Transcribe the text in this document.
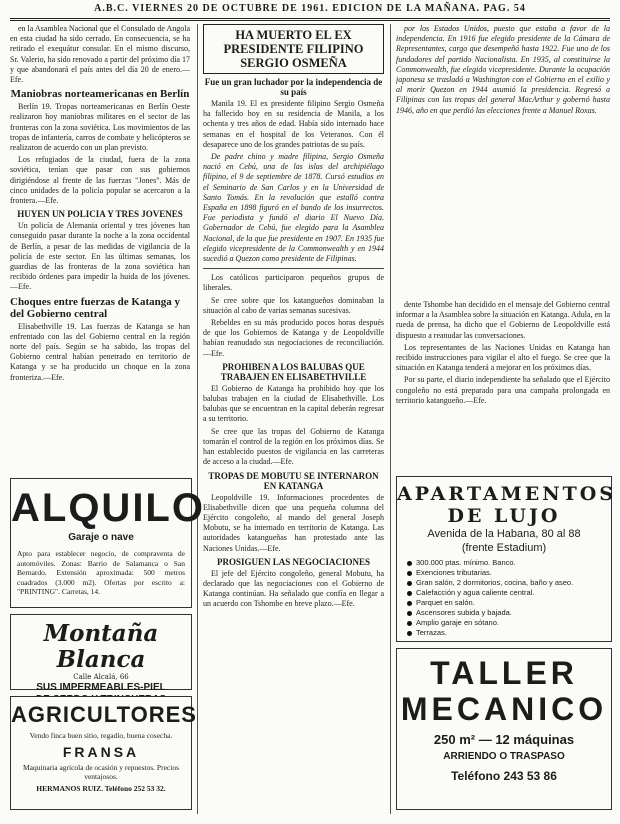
A.B.C. VIERNES 20 DE OCTUBRE DE 1961. EDICION DE LA MAÑANA. PAG. 54

en la Asamblea Nacional que el Consulado de Angola en esta ciudad ha sido cerrado. En consecuencia, se ha retirado el exequátur consular. En el mismo discurso, Sr. Valerio, ha sido renovado a partir del próximo día 17 y que abandonará el país antes del día 20 de enero.—Efe.

Maniobras norteamericanas en Berlín

Berlín 19. Tropas norteamericanas en Berlín Oeste realizaron hoy maniobras militares en el sector de las fronteras con la zona soviética. Los movimientos de las tropas de infantería, carros de combate y helicópteros se realizaron de acuerdo con un plan previsto.

Los refugiados de la ciudad, fuera de la zona soviética, tenían que pasar con sus gobiernos dirigiéndose al frente de las fuerzas "Jones". Más de cinco unidades de la policía popular se acercaron a la frontera.—Efe.

HUYEN UN POLICIA Y TRES JOVENES

Un policía de Alemania oriental y tres jóvenes han conseguido pasar durante la noche a la zona occidental de Berlín, a pesar de las medidas de vigilancia de la policía de este sector. En las últimas semanas, los guardias de las fronteras de la zona soviética han recibido órdenes para impedir la huida de los jóvenes.—Efe.

Choques entre fuerzas de Katanga y del Gobierno central

Elisabethville 19. Las fuerzas de Katanga se han enfrentado con las del Gobierno central en la región norte del país. Según se ha sabido, las tropas del Gobierno central habían penetrado en territorio de Katanga y se ha producido un choque en la zona fronteriza.—Efe.

ALQUILO
Garaje o nave
Apto para establecer negocio, de compraventa de automóviles. Zonas: Barrio de Salamanca o San Bernardo. Extensión aproximada: 500 metros cuadrados (3.000 m2). Ofertas por escrito a: "PRINTING". Carretas, 14.
Montaña Blanca
Calle Alcalá, 66
SUS IMPERMEABLES-PIEL
AGRICULTORES
Vendo finca buen sitio, regadío, buena cosecha.
FRANSA
Maquinaria agrícola de ocasión y repuestos. Precios ventajosos.
HERMANOS RUIZ. Teléfono 252 53 32.
HA MUERTO EL EX PRESIDENTE FILIPINO SERGIO OSMEÑA
Fue un gran luchador por la independencia de su país

Manila 19. El ex presidente filipino Sergio Osmeña ha fallecido hoy en su residencia de Manila, a los ochenta y tres años de edad. Había sido internado hace semanas en el hospital de los Veteranos. Con él desaparece uno de los grandes patriotas de su país.

De padre chino y madre filipina, Sergio Osmeña nació en Cebú, una de las islas del archipiélago filipino, el 9 de septiembre de 1878. Cursó estudios en el Seminario de San Carlos y en la Universidad de Santo Tomás. En la revolución que estalló contra España en 1898 figuró en el bando de los insurrectos. Fue periodista y fundó el diario El Nuevo Día. Gobernador de Cebú, fue elegido para la Asamblea Nacional, de la que fue presidente en 1907. En 1935 fue elegido vicepresidente de la Commonwealth y en 1944 sucedió a Quezon como presidente de Filipinas.

Los católicos participaron pequeños grupos de liberales.

Se cree sobre que los katangueños dominaban la situación al cabo de varias semanas sucesivas.

Rebeldes en su más producido pocos horas después de que los Gobiernos de Katanga y de Leopoldville habían reanudado sus negociaciones de reconciliación.—Efe.

PROHIBEN A LOS BALUBAS QUE TRABAJEN EN ELISABETHVILLE

El Gobierno de Katanga ha prohibido hoy que los balubas trabajen en la ciudad de Elisabethville. Los balubas que se encuentran en la capital deberán regresar a su territorio.

Se cree que las tropas del Gobierno de Katanga tomarán el control de la región en los próximos días. Se han establecido puestos de vigilancia en las carreteras de acceso a la ciudad.—Efe.

TROPAS DE MOBUTU SE INTERNARON EN KATANGA

Leopoldville 19. Informaciones procedentes de Elisabethville dicen que una pequeña columna del Ejército congoleño, al mando del general Joseph Mobutu, se ha internado en territorio de Katanga. Las autoridades katangueñas han protestado ante las Naciones Unidas.—Efe.

PROSIGUEN LAS NEGOCIACIONES

El jefe del Ejército congoleño, general Mobutu, ha declarado que las negociaciones con el Gobierno de Katanga continúan. Ha señalado que confía en llegar a un acuerdo con Tshombe en breve plazo.—Efe.

por los Estados Unidos, puesto que estaba a favor de la independencia. En 1916 fue elegido presidente de la Cámara de Representantes, cargo que desempeñó hasta 1922. Fue uno de los fundadores del partido Nacionalista. En 1935, al constituirse la Commonwealth, fue elegido vicepresidente. Durante la ocupación japonesa se trasladó a Washington con el Gobierno en el exilio y al morir Quezon en 1944 asumió la presidencia. Regresó a Filipinas con las tropas del general MacArthur y gobernó hasta 1946, año en que perdió las elecciones frente a Manuel Roxas.

dente Tshombe han decidido en el mensaje del Gobierno central informar a la Asamblea sobre la situación en Katanga. Adula, en la rueda de prensa, ha dicho que el Gobierno de Leopoldville está dispuesto a reanudar las conversaciones.

Los representantes de las Naciones Unidas en Katanga han recibido instrucciones para vigilar el alto el fuego. Se cree que la situación en Katanga tenderá a mejorar en los próximos días.

Por su parte, el diario independiente ha señalado que el Ejército congoleño no está preparado para una campaña prolongada en territorio katangueño.—Efe.

APARTAMENTOS
DE LUJO
Avenida de la Habana, 80 al 88
(frente Estadium)
300.000 ptas. mínimo. Banco.
Exenciones tributarias.
Gran salón, 2 dormitorios, cocina, baño y aseo.
Calefacción y agua caliente central.
Parquet en salón.
Ascensores subida y bajada.
Amplio garaje en sótano.
Terrazas.
TALLER
MECANICO
250 m² — 12 máquinas
ARRIENDO O TRASPASO
Teléfono 243 53 86
